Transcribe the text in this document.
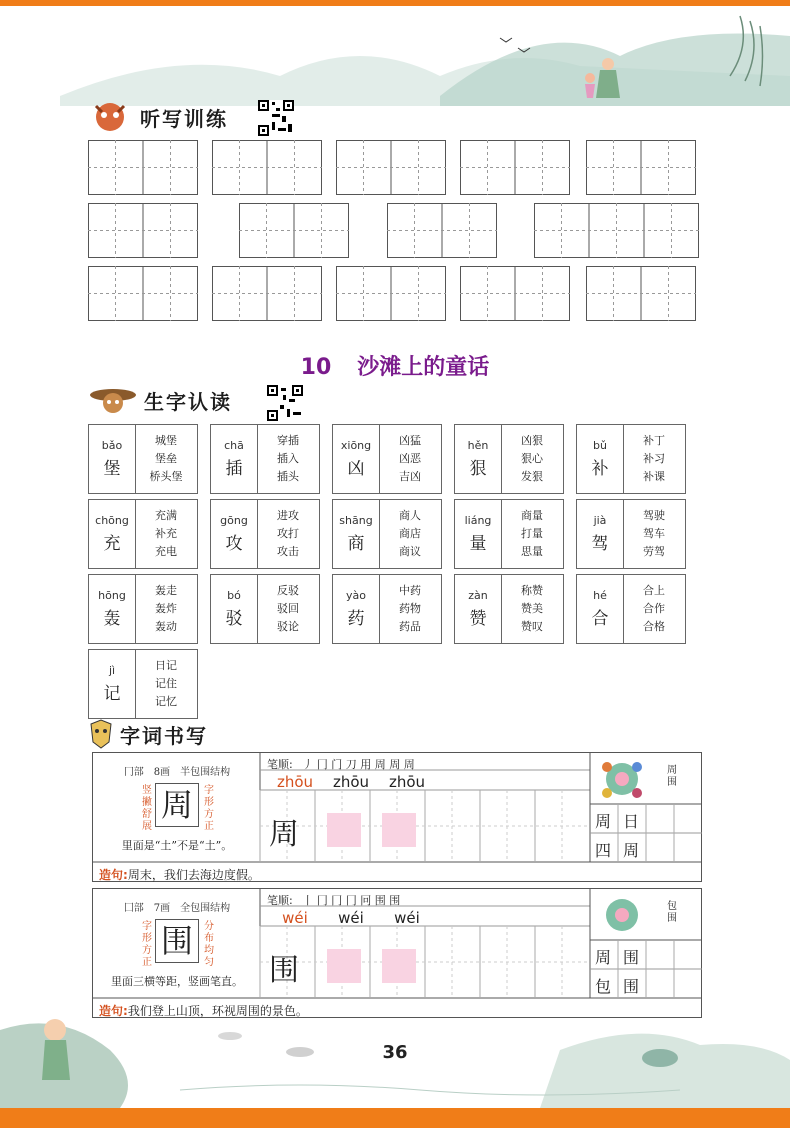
听写训练
10 沙滩上的童话
生字认读
bǎo
堡
城堡
堡垒
桥头堡
chā
插
穿插
插入
插头
xiōng
凶
凶猛
凶恶
吉凶
hěn
狠
凶狠
狠心
发狠
bǔ
补
补丁
补习
补课
chōng
充
充满
补充
充电
gōng
攻
进攻
攻打
攻击
shāng
商
商人
商店
商议
liáng
量
商量
打量
思量
jià
驾
驾驶
驾车
劳驾
hōng
轰
轰走
轰炸
轰动
bó
驳
反驳
驳回
驳论
yào
药
中药
药物
药品
zàn
赞
称赞
赞美
赞叹
hé
合
合上
合作
合格
jì
记
日记
记住
记忆
字词书写
冂部　8画　半包围结构
竖撇舒展
周	字形方正
里面是“土”不是“土”。
笔顺: 丿 冂 门 刀 用 周 周 周
zhōu	zhōu	zhōu
周
周围
周 日
四 周
造句:周末，我们去海边度假。
囗部　7画　全包围结构
字形方正
围	分布均匀
里面三横等距，竖画笔直。
笔顺: 丨 冂 冂 冂 冋 围 围
wéi	wéi	wéi
围
包围
周 围
包 围
造句:我们登上山顶，环视周围的景色。
36
